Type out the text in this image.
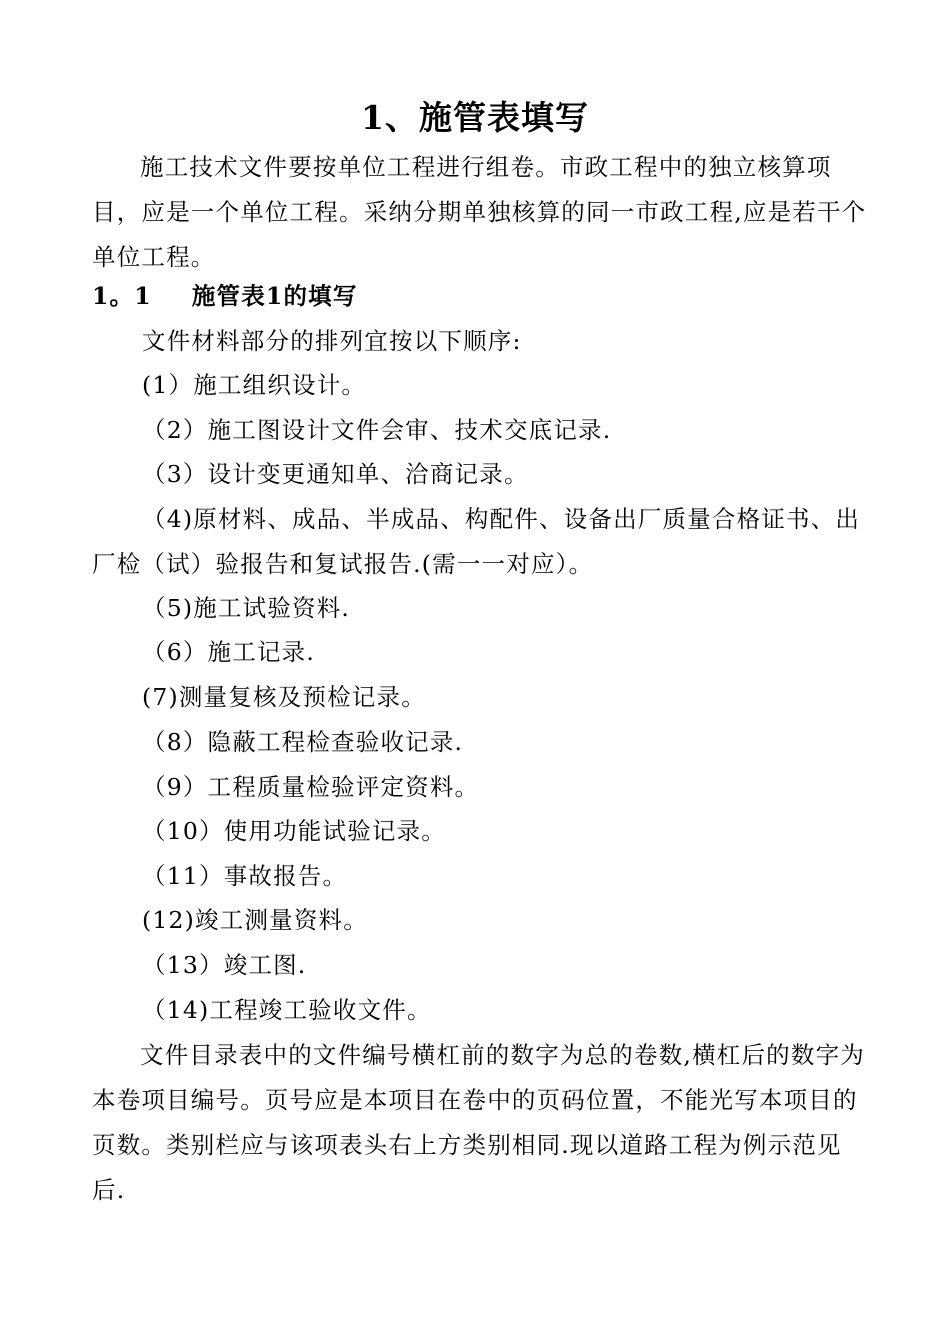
1、施管表填写
施工技术文件要按单位工程进行组卷。市政工程中的独立核算项目，应是一个单位工程。采纳分期单独核算的同一市政工程,应是若干个单位工程。
1。1 施管表1的填写
文件材料部分的排列宜按以下顺序:
(1）施工组织设计。
（2）施工图设计文件会审、技术交底记录.
（3）设计变更通知单、洽商记录。
（4)原材料、成品、半成品、构配件、设备出厂质量合格证书、出厂检（试）验报告和复试报告.(需一一对应）。
（5)施工试验资料.
（6）施工记录.
(7)测量复核及预检记录。
（8）隐蔽工程检查验收记录.
（9）工程质量检验评定资料。
（10）使用功能试验记录。
（11）事故报告。
(12)竣工测量资料。
（13）竣工图.
（14)工程竣工验收文件。
文件目录表中的文件编号横杠前的数字为总的卷数,横杠后的数字为本卷项目编号。页号应是本项目在卷中的页码位置，不能光写本项目的页数。类别栏应与该项表头右上方类别相同.现以道路工程为例示范见后.
